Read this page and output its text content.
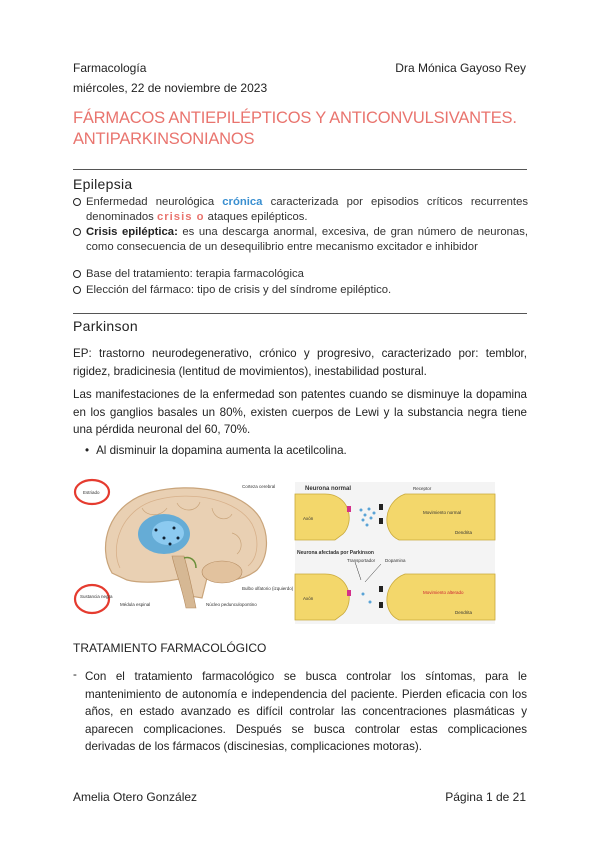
Farmacología	Dra Mónica Gayoso Rey
miércoles, 22 de noviembre de 2023
FÁRMACOS ANTIEPILÉPTICOS Y ANTICONVULSIVANTES.
ANTIPARKINSONIANOS
Epilepsia
Enfermedad neurológica crónica caracterizada por episodios críticos recurrentes denominados crisis o ataques epilépticos.
Crisis epiléptica: es una descarga anormal, excesiva, de gran número de neuronas, como consecuencia de un desequilibrio entre mecanismo excitador e inhibidor
Base del tratamiento: terapia farmacológica
Elección del fármaco: tipo de crisis y del síndrome epiléptico.
Parkinson
EP: trastorno neurodegenerativo, crónico y progresivo, caracterizado por: temblor, rigidez, bradicinesia (lentitud de movimientos), inestabilidad postural.
Las manifestaciones de la enfermedad son patentes cuando se disminuye la dopamina en los ganglios basales un 80%, existen cuerpos de Lewi y la substancia negra tiene una pérdida neuronal del 60, 70%.
• Al disminuir la dopamina aumenta la acetilcolina.
Estriado
Sustancia negra
Corteza cerebral
Médula espinal	Núcleo pedunculopontino
Bulbo olfatorio (izquierdo)
Neurona normal
Axón
Receptor
Movimiento normal
Dendrita
Neurona afectada por Parkinson
Transportador Dopamina
Axón
Movimiento alterado
Dendrita
TRATAMIENTO FARMACOLÓGICO
- Con el tratamiento farmacológico se busca controlar los síntomas, para le mantenimiento de autonomía e independencia del paciente. Pierden eficacia con los años, en estado avanzado es difícil controlar las concentraciones plasmáticas y aparecen complicaciones. Después se busca controlar estas complicaciones derivadas de los fármacos (discinesias, complicaciones motoras).
Amelia Otero González	Página 1 de 21
